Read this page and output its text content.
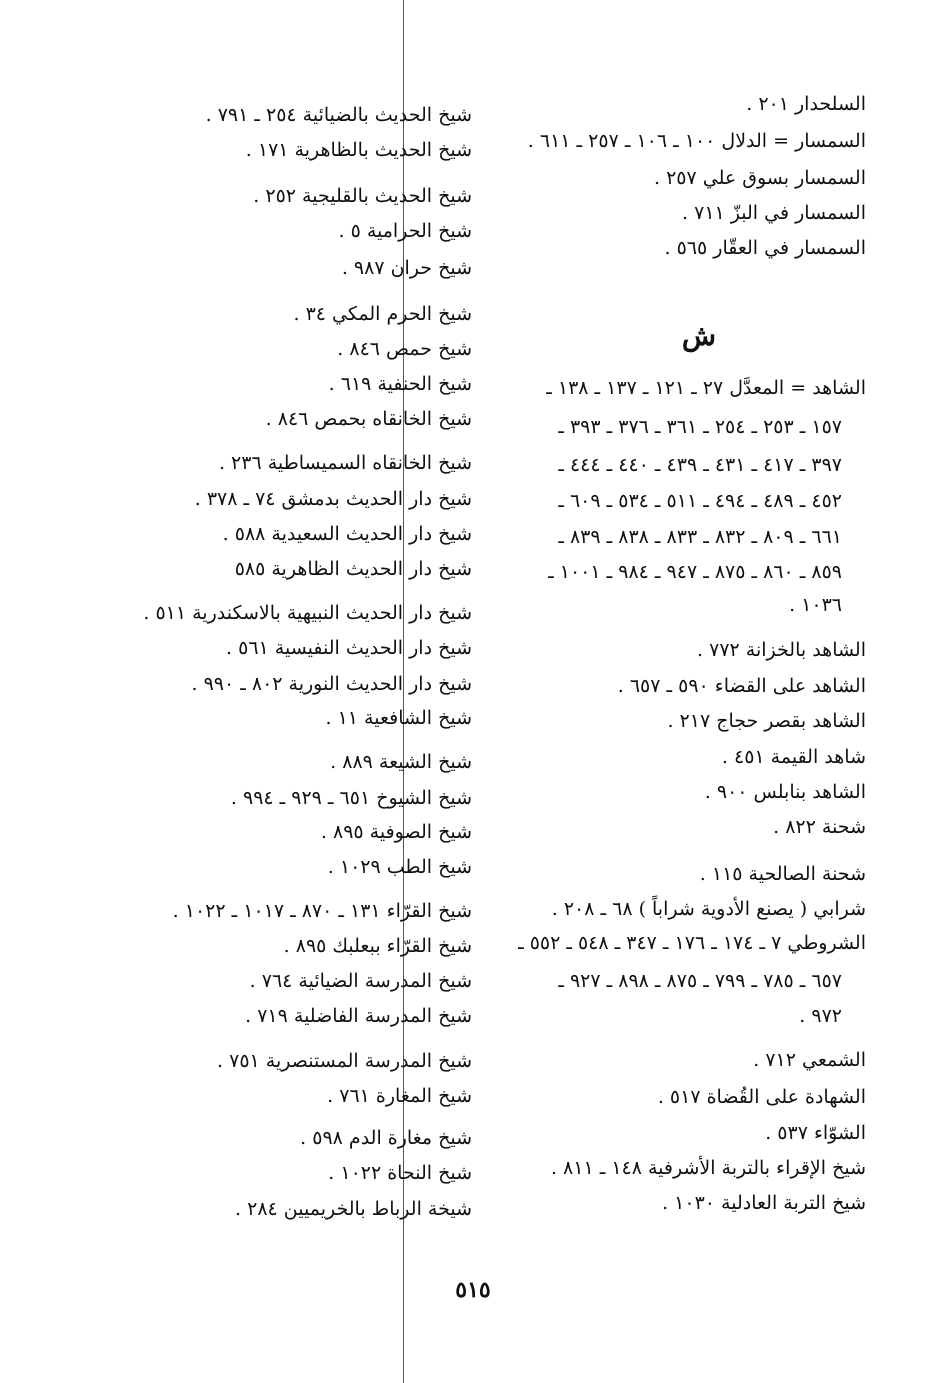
السلحدار ٢٠١ .
السمسار = الدلال ١٠٠ ـ ١٠٦ ـ ٢٥٧ ـ ٦١١ .
السمسار بسوق علي ٢٥٧ .
السمسار في البزّ ٧١١ .
السمسار في العقّار ٥٦٥ .
ش
الشاهد = المعدَّل ٢٧ ـ ١٢١ ـ ١٣٧ ـ ١٣٨ ـ
١٥٧ ـ ٢٥٣ ـ ٢٥٤ ـ ٣٦١ ـ ٣٧٦ ـ ٣٩٣ ـ
٣٩٧ ـ ٤١٧ ـ ٤٣١ ـ ٤٣٩ ـ ٤٤٠ ـ ٤٤٤ ـ
٤٥٢ ـ ٤٨٩ ـ ٤٩٤ ـ ٥١١ ـ ٥٣٤ ـ ٦٠٩ ـ
٦٦١ ـ ٨٠٩ ـ ٨٣٢ ـ ٨٣٣ ـ ٨٣٨ ـ ٨٣٩ ـ
٨٥٩ ـ ٨٦٠ ـ ٨٧٥ ـ ٩٤٧ ـ ٩٨٤ ـ ١٠٠١ ـ
١٠٣٦ .
الشاهد بالخزانة ٧٧٢ .
الشاهد على القضاء ٥٩٠ ـ ٦٥٧ .
الشاهد بقصر حجاج ٢١٧ .
شاهد القيمة ٤٥١ .
الشاهد بنابلس ٩٠٠ .
شحنة ٨٢٢ .
شحنة الصالحية ١١٥ .
شرابي ( يصنع الأدوية شراباً ) ٦٨ ـ ٢٠٨ .
الشروطي ٧ ـ ١٧٤ ـ ١٧٦ ـ ٣٤٧ ـ ٥٤٨ ـ ٥٥٢ ـ
٦٥٧ ـ ٧٨٥ ـ ٧٩٩ ـ ٨٧٥ ـ ٨٩٨ ـ ٩٢٧ ـ
٩٧٢ .
الشمعي ٧١٢ .
الشهادة على القُضاة ٥١٧ .
الشوّاء ٥٣٧ .
شيخ الإقراء بالتربة الأشرفية ١٤٨ ـ ٨١١ .
شيخ التربة العادلية ١٠٣٠ .
شيخ الحديث بالضيائية ٢٥٤ ـ ٧٩١ .
شيخ الحديث بالظاهرية ١٧١ .
شيخ الحديث بالقليجية ٢٥٢ .
شيخ الحرامية ٥ .
شيخ حران ٩٨٧ .
شيخ الحرم المكي ٣٤ .
شيخ حمص ٨٤٦ .
شيخ الحنفية ٦١٩ .
شيخ الخانقاه بحمص ٨٤٦ .
شيخ الخانقاه السميساطية ٢٣٦ .
شيخ دار الحديث بدمشق ٧٤ ـ ٣٧٨ .
شيخ دار الحديث السعيدية ٥٨٨ .
شيخ دار الحديث الظاهرية ٥٨٥
شيخ دار الحديث النبيهية بالاسكندرية ٥١١ .
شيخ دار الحديث النفيسية ٥٦١ .
شيخ دار الحديث النورية ٨٠٢ ـ ٩٩٠ .
شيخ الشافعية ١١ .
شيخ الشيعة ٨٨٩ .
شيخ الشيوخ ٦٥١ ـ ٩٢٩ ـ ٩٩٤ .
شيخ الصوفية ٨٩٥ .
شيخ الطب ١٠٢٩ .
شيخ القرّاء ١٣١ ـ ٨٧٠ ـ ١٠١٧ ـ ١٠٢٢ .
شيخ القرّاء ببعلبك ٨٩٥ .
شيخ المدرسة الضيائية ٧٦٤ .
شيخ المدرسة الفاضلية ٧١٩ .
شيخ المدرسة المستنصرية ٧٥١ .
شيخ المغارة ٧٦١ .
شيخ مغارة الدم ٥٩٨ .
شيخ النحاة ١٠٢٢ .
شيخة الرباط بالخريميين ٢٨٤ .
٥١٥
